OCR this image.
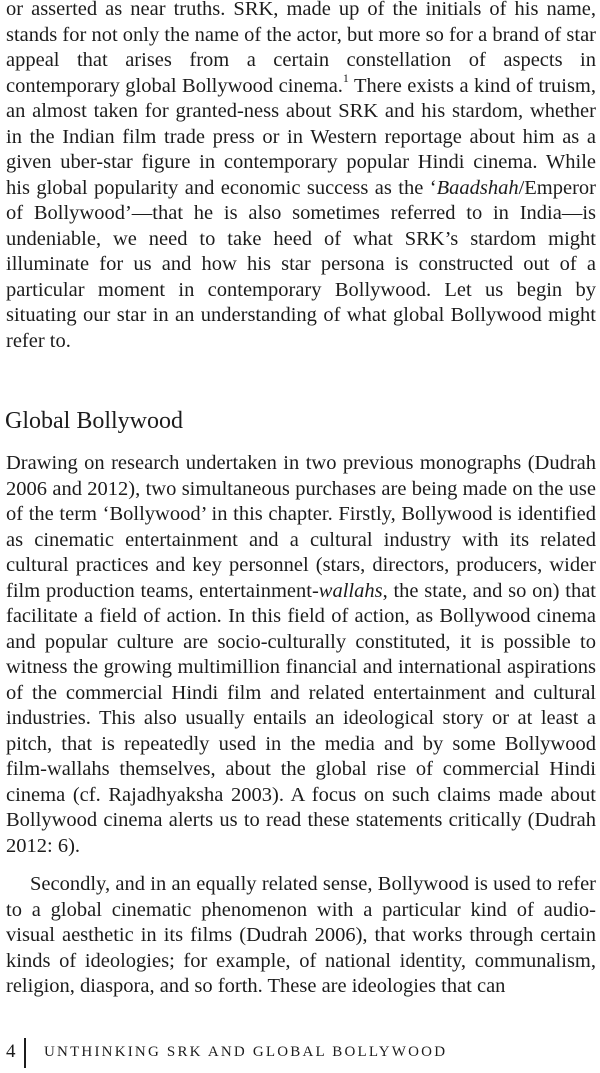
or asserted as near truths. SRK, made up of the initials of his name, stands for not only the name of the actor, but more so for a brand of star appeal that arises from a certain constellation of aspects in contemporary global Bollywood cinema.$^1$ There exists a kind of truism, an almost taken for granted-ness about SRK and his stardom, whether in the Indian film trade press or in Western reportage about him as a given uber-star figure in contemporary popular Hindi cinema. While his global popularity and economic success as the ‘Baadshah/Emperor of Bollywood’—that he is also sometimes referred to in India—is undeniable, we need to take heed of what SRK’s stardom might illuminate for us and how his star persona is constructed out of a particular moment in contemporary Bollywood. Let us begin by situating our star in an understanding of what global Bollywood might refer to.

Global Bollywood

Drawing on research undertaken in two previous monographs (Dudrah 2006 and 2012), two simultaneous purchases are being made on the use of the term ‘Bollywood’ in this chapter. Firstly, Bollywood is identified as cinematic entertainment and a cultural industry with its related cultural practices and key personnel (stars, directors, producers, wider film production teams, entertainment-wallahs, the state, and so on) that facilitate a field of action. In this field of action, as Bollywood cinema and popular culture are socio-culturally constituted, it is possible to witness the growing multimillion financial and international aspirations of the commercial Hindi film and related entertainment and cultural industries. This also usually entails an ideological story or at least a pitch, that is repeatedly used in the media and by some Bollywood film-wallahs themselves, about the global rise of commercial Hindi cinema (cf. Rajadhyaksha 2003). A focus on such claims made about Bollywood cinema alerts us to read these statements critically (Dudrah 2012: 6).

Secondly, and in an equally related sense, Bollywood is used to refer to a global cinematic phenomenon with a particular kind of audio-visual aesthetic in its films (Dudrah 2006), that works through certain kinds of ideologies; for example, of national identity, communalism, religion, diaspora, and so forth. These are ideologies that can

4 UNTHINKING SRK AND GLOBAL BOLLYWOOD
